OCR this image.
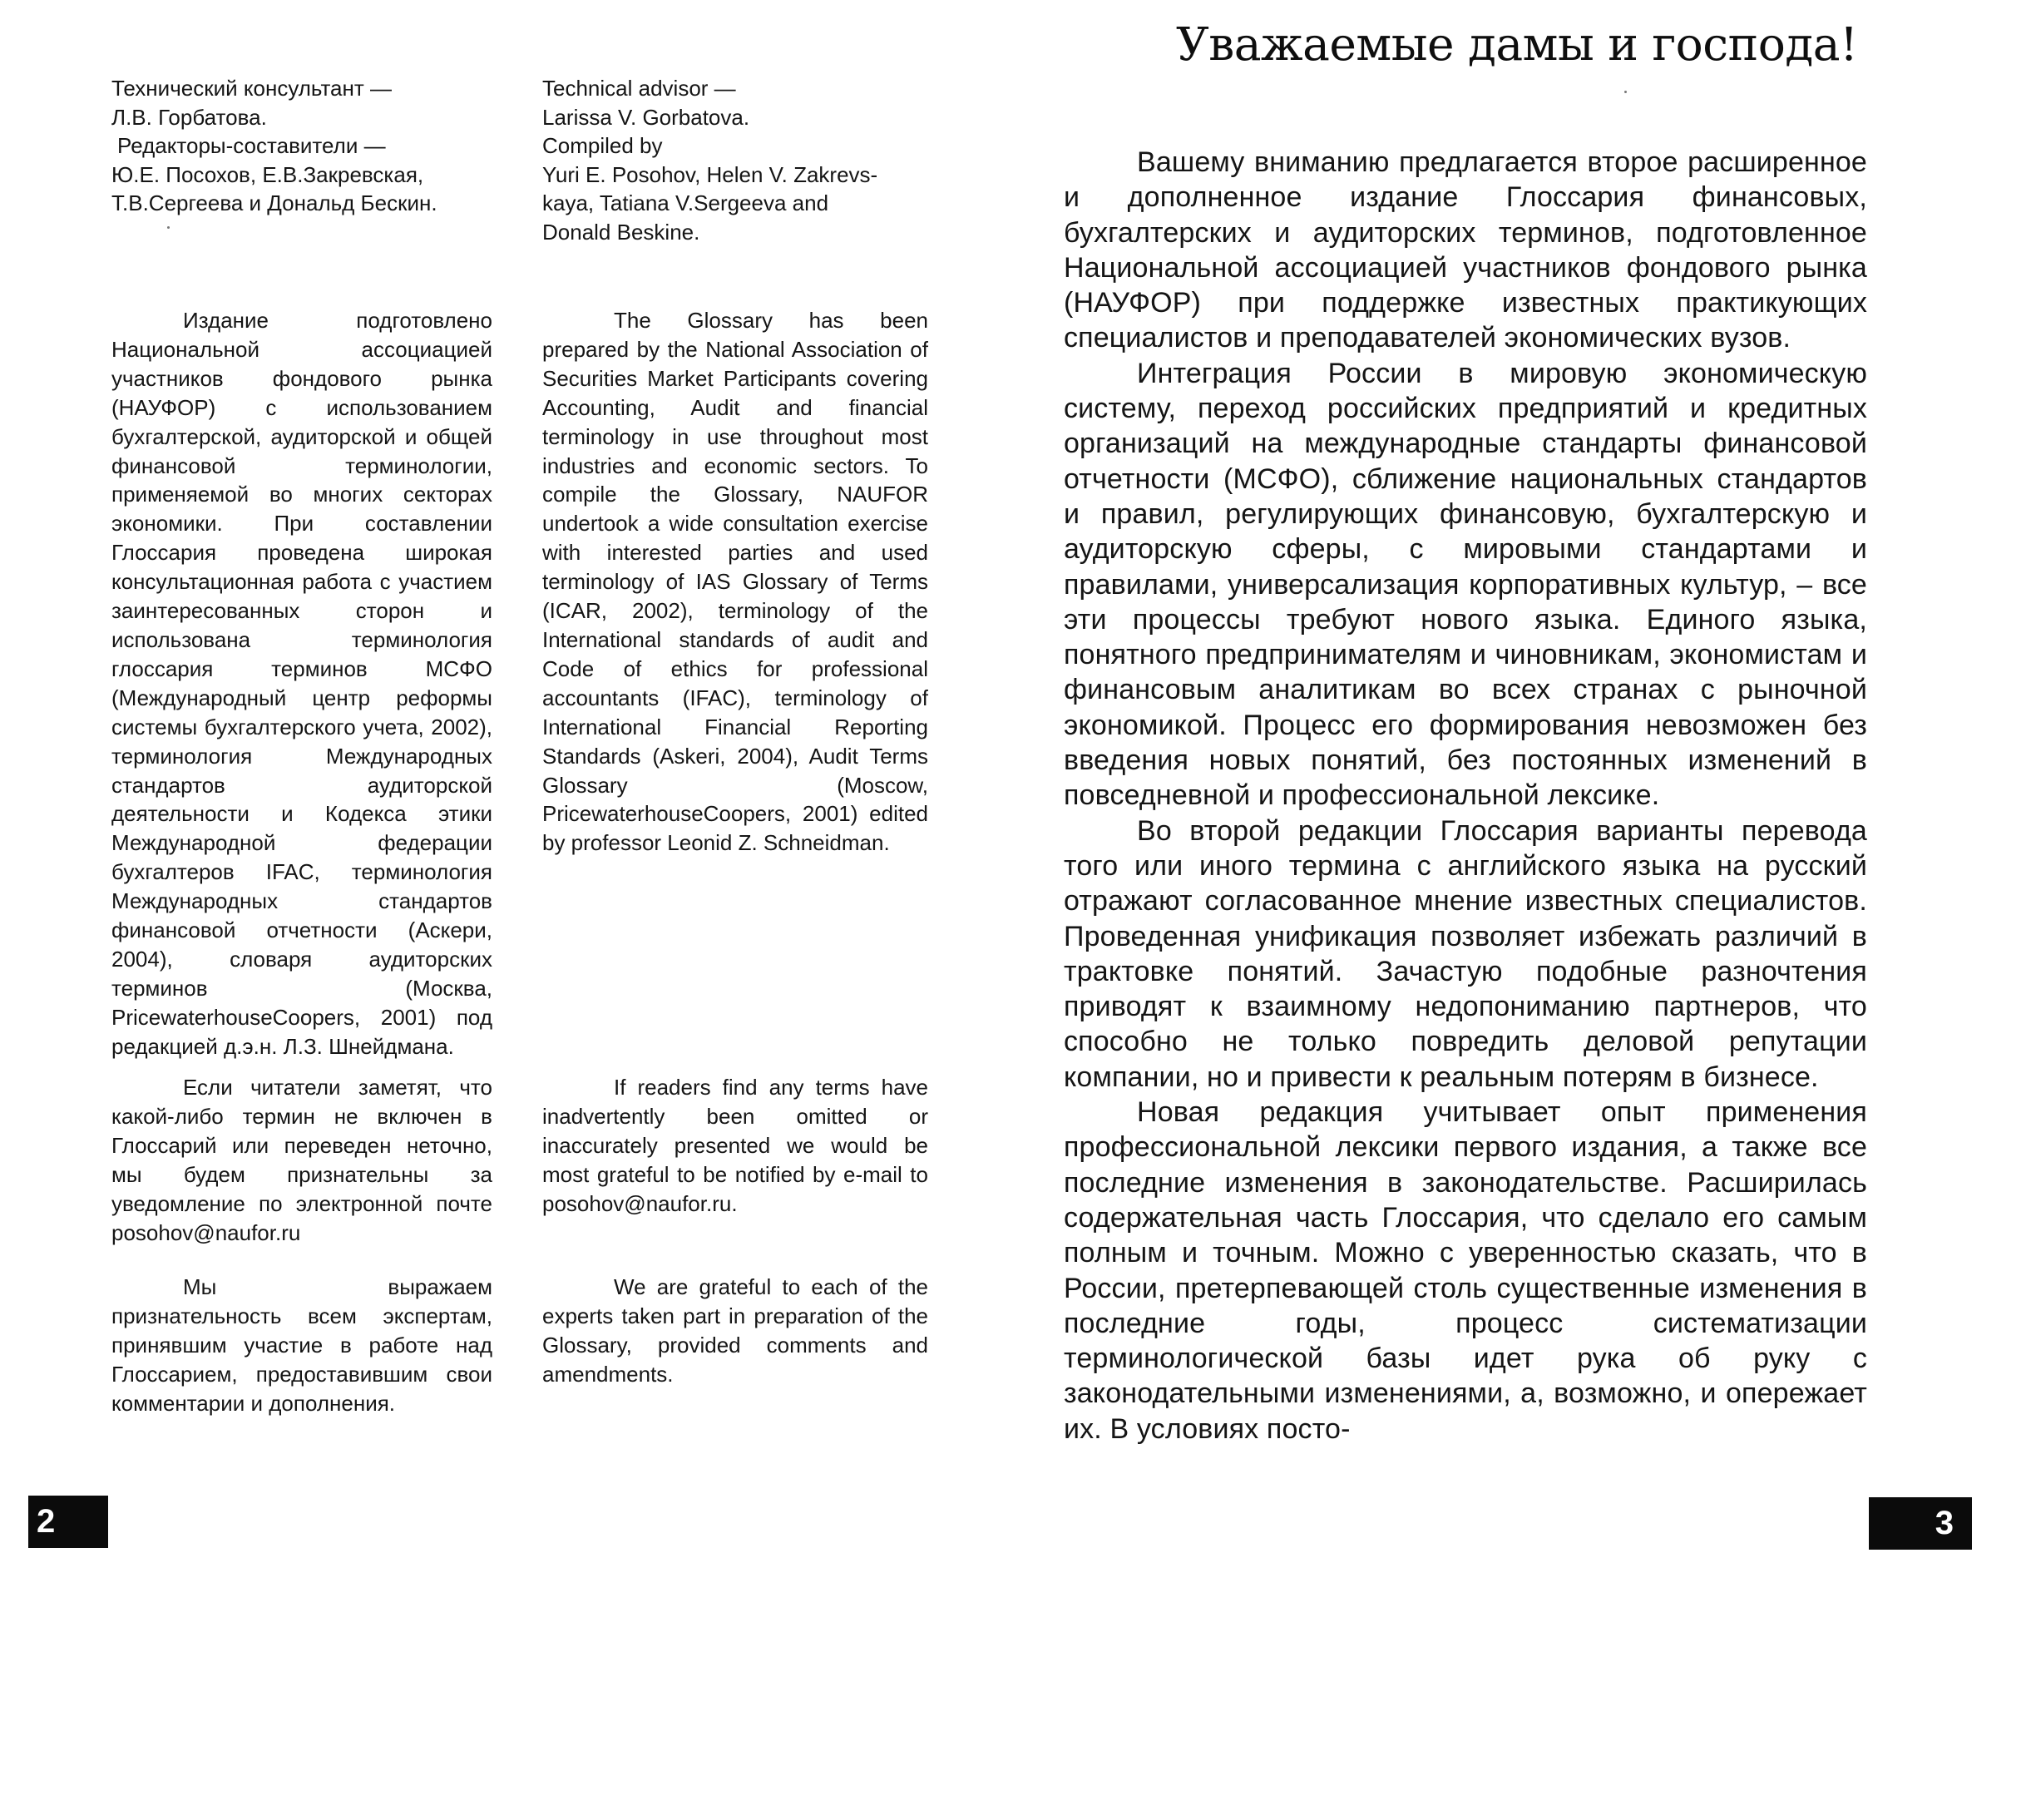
Технический консультант —
Л.В. Горбатова.
Редакторы-составители —
Ю.Е. Посохов, Е.В.Закревская,
Т.В.Сергеева и Дональд Бескин.
Technical advisor —
Larissa V. Gorbatova.
Compiled by
Yuri E. Posohov, Helen V. Zakrevs-
kaya, Tatiana V.Sergeeva and
Donald Beskine.

Издание подготовлено Национальной ассоциацией участников фондового рынка (НАУФОР) с использованием бухгалтерской, аудиторской и общей финансовой терминологии, применяемой во многих секторах экономики. При составлении Глоссария проведена широкая консультационная работа с участием заинтересованных сторон и использована терминология глоссария терминов МСФО (Международный центр реформы системы бухгалтерского учета, 2002), терминология Международных стандартов аудиторской деятельности и Кодекса этики Международной федерации бухгалтеров IFAC, терминология Международных стандартов финансовой отчетности (Аскери, 2004), словаря аудиторских терминов (Москва, PricewaterhouseCoopers, 2001) под редакцией д.э.н. Л.З. Шнейдмана.

The Glossary has been prepared by the National Association of Securities Market Participants covering Accounting, Audit and financial terminology in use throughout most industries and economic sectors. To compile the Glossary, NAUFOR undertook a wide consultation exercise with interested parties and used terminology of IAS Glossary of Terms (ICAR, 2002), terminology of the International standards of audit and Code of ethics for professional accountants (IFAC), terminology of International Financial Reporting Standards (Askeri, 2004), Audit Terms Glossary (Moscow, PricewaterhouseCoopers, 2001) edited by professor Leonid Z. Schneidman.

Если читатели заметят, что какой-либо термин не включен в Глоссарий или переведен неточно, мы будем признательны за уведомление по электронной почте posohov@naufor.ru

If readers find any terms have inadvertently been omitted or inaccurately presented we would be most grateful to be notified by e-mail to posohov@naufor.ru.

Мы выражаем признательность всем экспертам, принявшим участие в работе над Глоссарием, предоставившим свои комментарии и дополнения.

We are grateful to each of the experts taken part in preparation of the Glossary, provided comments and amendments.

2
Уважаемые дамы и господа!

Вашему вниманию предлагается второе расширенное и дополненное издание Глоссария финансовых, бухгалтерских и аудиторских терминов, подготовленное Национальной ассоциацией участников фондового рынка (НАУФОР) при поддержке известных практикующих специалистов и преподавателей экономических вузов.

Интеграция России в мировую экономическую систему, переход российских предприятий и кредитных организаций на международные стандарты финансовой отчетности (МСФО), сближение национальных стандартов и правил, регулирующих финансовую, бухгалтерскую и аудиторскую сферы, с мировыми стандартами и правилами, универсализация корпоративных культур, – все эти процессы требуют нового языка. Единого языка, понятного предпринимателям и чиновникам, экономистам и финансовым аналитикам во всех странах с рыночной экономикой. Процесс его формирования невозможен без введения новых понятий, без постоянных изменений в повседневной и профессиональной лексике.

Во второй редакции Глоссария варианты перевода того или иного термина с английского языка на русский отражают согласованное мнение известных специалистов. Проведенная унификация позволяет избежать различий в трактовке понятий. Зачастую подобные разночтения приводят к взаимному недопониманию партнеров, что способно не только повредить деловой репутации компании, но и привести к реальным потерям в бизнесе.

Новая редакция учитывает опыт применения профессиональной лексики первого издания, а также все последние изменения в законодательстве. Расширилась содержательная часть Глоссария, что сделало его самым полным и точным. Можно с уверенностью сказать, что в России, претерпевающей столь существенные изменения в последние годы, процесс систематизации терминологической базы идет рука об руку с законодательными изменениями, а, возможно, и опережает их. В условиях посто-

3
